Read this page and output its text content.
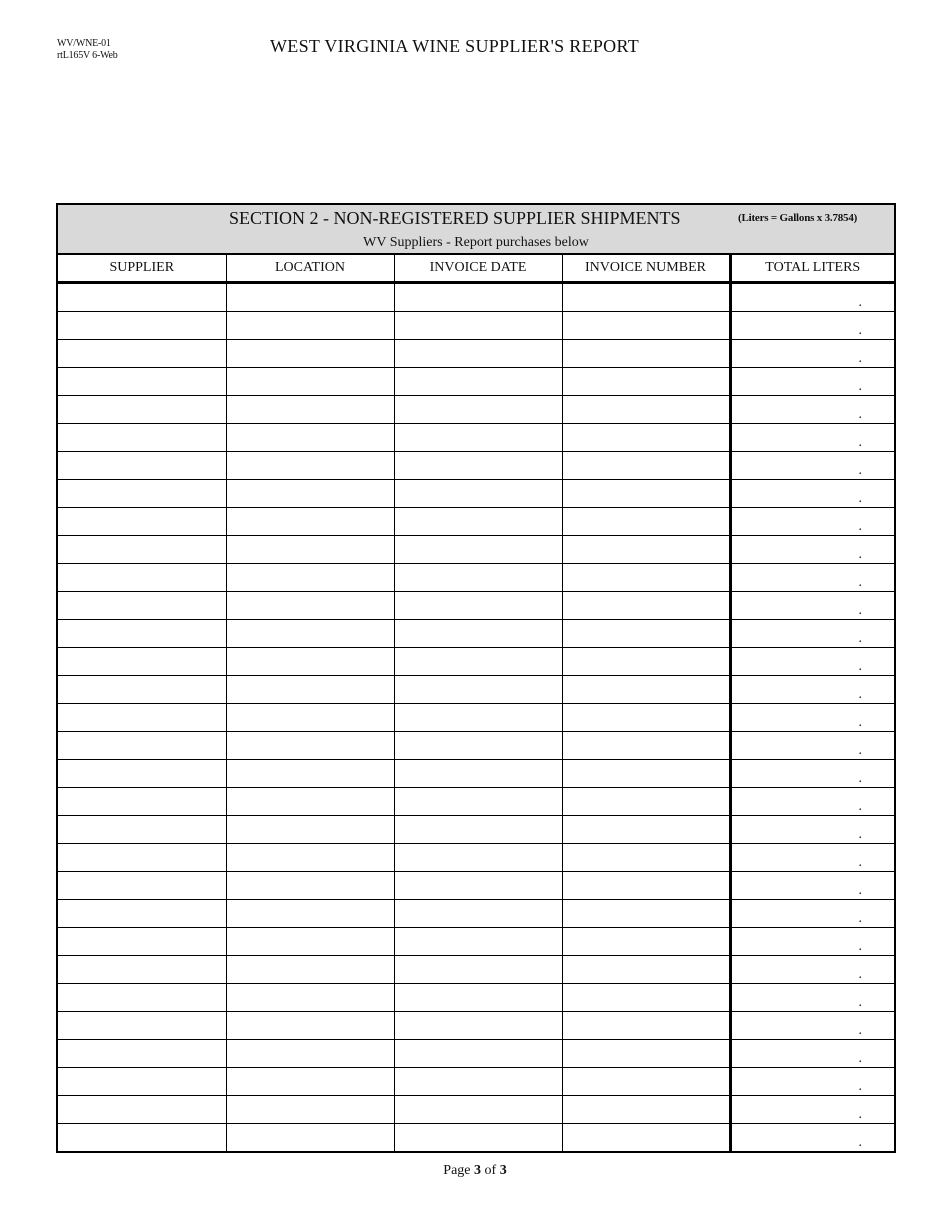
WV/WNE-01
rtL165V 6-Web	WEST VIRGINIA WINE SUPPLIER'S REPORT
SECTION 2 - NON-REGISTERED SUPPLIER SHIPMENTS	(Liters = Gallons x 3.7854)
WV Suppliers - Report purchases below
SUPPLIER	LOCATION	INVOICE DATE	INVOICE NUMBER	TOTAL LITERS

				.

				.

				.

				.

				.

				.

				.

				.

				.

				.

				.

				.

				.

				.

				.

				.

				.

				.

				.

				.

				.

				.

				.

				.

				.

				.

				.

				.

				.

				.

				.
Page 3 of 3
